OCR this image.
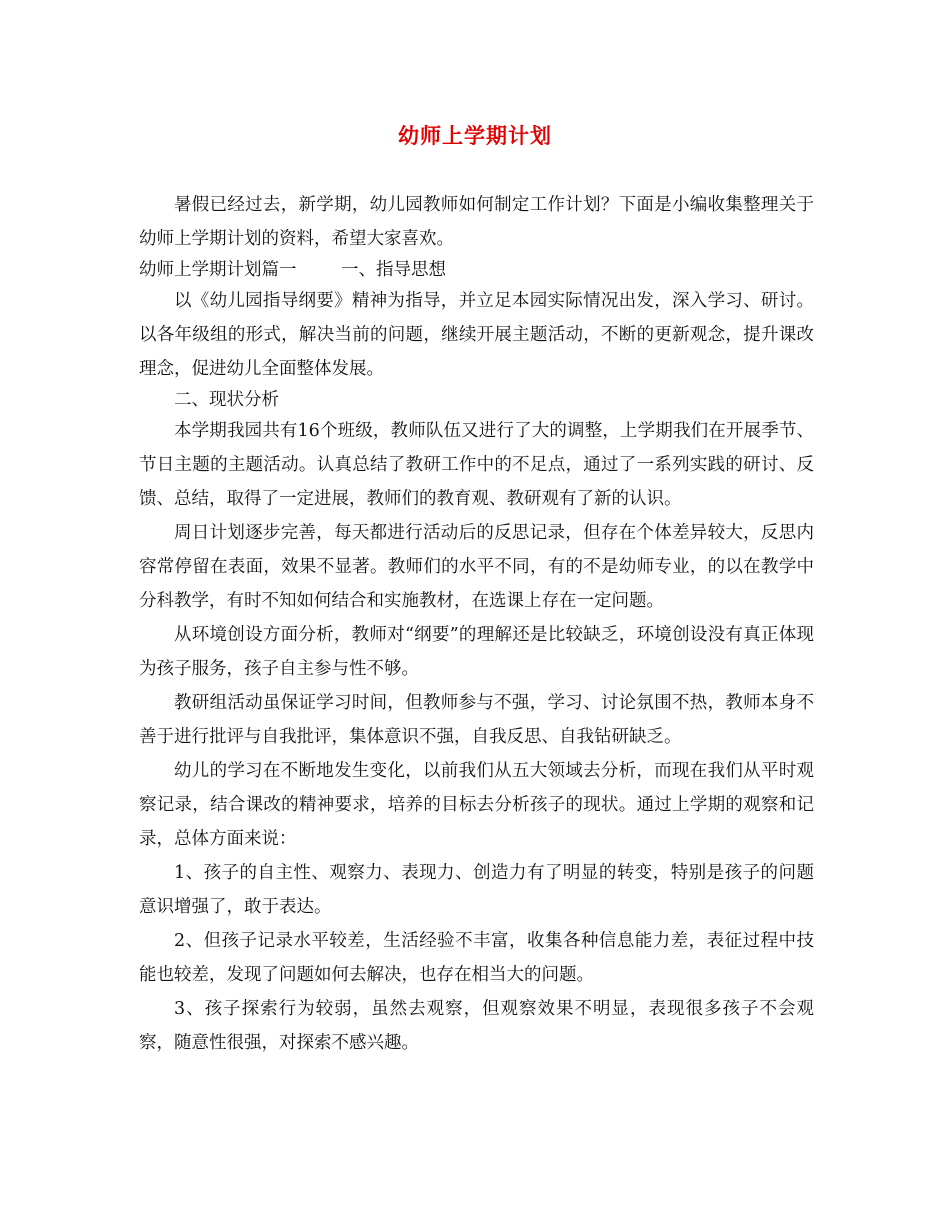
幼师上学期计划

暑假已经过去，新学期，幼儿园教师如何制定工作计划？下面是小编收集整理关于幼师上学期计划的资料，希望大家喜欢。

幼师上学期计划篇一        一、指导思想

以《幼儿园指导纲要》精神为指导，并立足本园实际情况出发，深入学习、研讨。以各年级组的形式，解决当前的问题，继续开展主题活动，不断的更新观念，提升课改理念，促进幼儿全面整体发展。

二、现状分析

本学期我园共有16个班级，教师队伍又进行了大的调整，上学期我们在开展季节、节日主题的主题活动。认真总结了教研工作中的不足点，通过了一系列实践的研讨、反馈、总结，取得了一定进展，教师们的教育观、教研观有了新的认识。

周日计划逐步完善，每天都进行活动后的反思记录，但存在个体差异较大，反思内容常停留在表面，效果不显著。教师们的水平不同，有的不是幼师专业，的以在教学中分科教学，有时不知如何结合和实施教材，在选课上存在一定问题。

从环境创设方面分析，教师对“纲要”的理解还是比较缺乏，环境创设没有真正体现为孩子服务，孩子自主参与性不够。

教研组活动虽保证学习时间，但教师参与不强，学习、讨论氛围不热，教师本身不善于进行批评与自我批评，集体意识不强，自我反思、自我钻研缺乏。

幼儿的学习在不断地发生变化，以前我们从五大领域去分析，而现在我们从平时观察记录，结合课改的精神要求，培养的目标去分析孩子的现状。通过上学期的观察和记录，总体方面来说：

1、孩子的自主性、观察力、表现力、创造力有了明显的转变，特别是孩子的问题意识增强了，敢于表达。

2、但孩子记录水平较差，生活经验不丰富，收集各种信息能力差，表征过程中技能也较差，发现了问题如何去解决，也存在相当大的问题。

3、孩子探索行为较弱，虽然去观察，但观察效果不明显，表现很多孩子不会观察，随意性很强，对探索不感兴趣。
